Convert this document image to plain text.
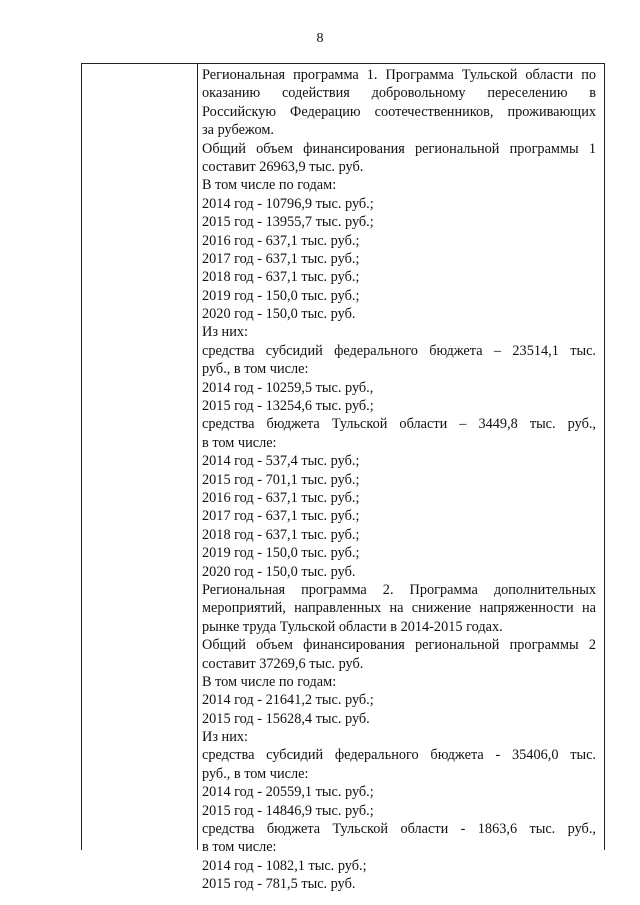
8
Региональная программа 1. Программа Тульской области по
оказанию содействия добровольному переселению в
Российскую Федерацию соотечественников, проживающих
за рубежом.
Общий объем финансирования региональной программы 1
составит 26963,9 тыс. руб.
В том числе по годам:
2014 год - 10796,9 тыс. руб.;
2015 год - 13955,7 тыс. руб.;
2016 год - 637,1 тыс. руб.;
2017 год - 637,1 тыс. руб.;
2018 год - 637,1 тыс. руб.;
2019 год - 150,0 тыс. руб.;
2020 год - 150,0 тыс. руб.
Из них:
средства субсидий федерального бюджета – 23514,1 тыс.
руб., в том числе:
2014 год - 10259,5 тыс. руб.,
2015 год - 13254,6 тыс. руб.;
средства бюджета Тульской области – 3449,8 тыс. руб.,
в том числе:
2014 год - 537,4 тыс. руб.;
2015 год - 701,1 тыс. руб.;
2016 год - 637,1 тыс. руб.;
2017 год - 637,1 тыс. руб.;
2018 год - 637,1 тыс. руб.;
2019 год - 150,0 тыс. руб.;
2020 год - 150,0 тыс. руб.
Региональная программа 2. Программа дополнительных
мероприятий, направленных на снижение напряженности на
рынке труда Тульской области в 2014-2015 годах.
Общий объем финансирования региональной программы 2
составит 37269,6 тыс. руб.
В том числе по годам:
2014 год - 21641,2 тыс. руб.;
2015 год - 15628,4 тыс. руб.
Из них:
средства субсидий федерального бюджета - 35406,0 тыс.
руб., в том числе:
2014 год - 20559,1 тыс. руб.;
2015 год - 14846,9 тыс. руб.;
средства бюджета Тульской области - 1863,6 тыс. руб.,
в том числе:
2014 год - 1082,1 тыс. руб.;
2015 год - 781,5 тыс. руб.
